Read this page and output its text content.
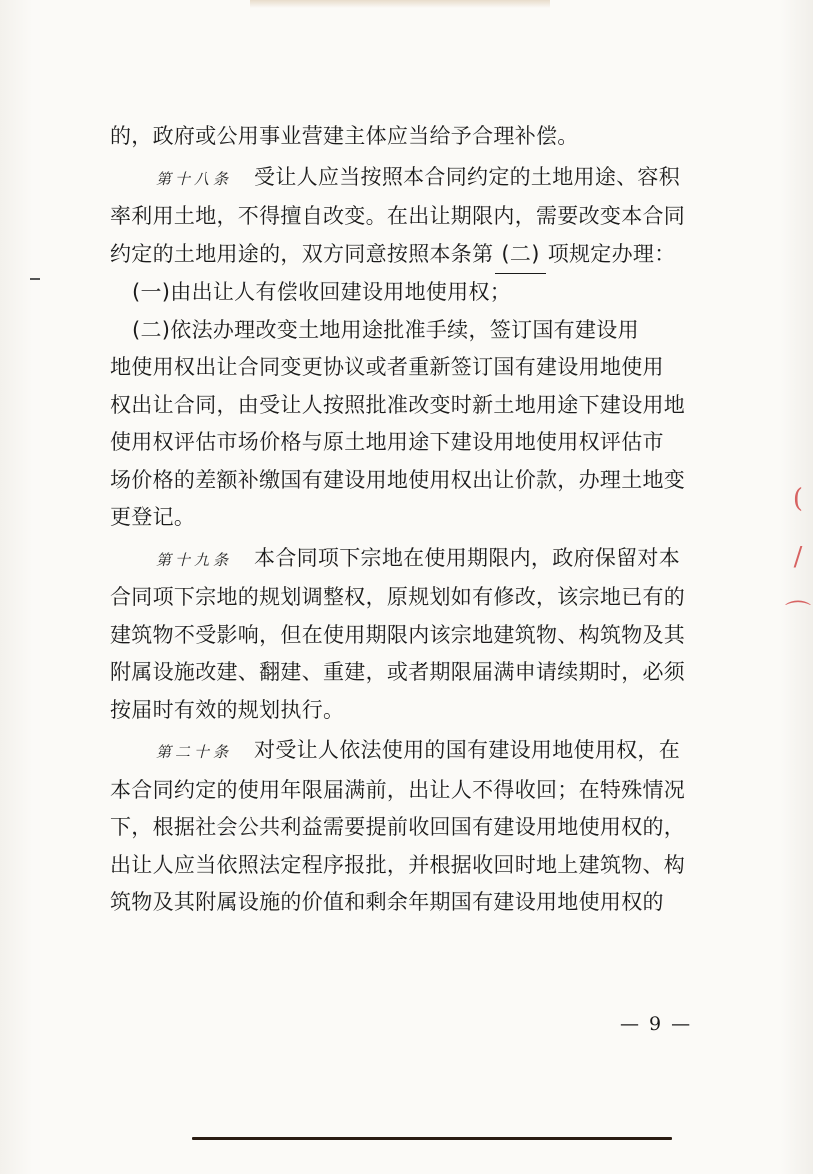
(
/
⌒
的，政府或公用事业营建主体应当给予合理补偿。
第十八条 受让人应当按照本合同约定的土地用途、容积
率利用土地，不得擅自改变。在出让期限内，需要改变本合同
约定的土地用途的，双方同意按照本条第 (二) 项规定办理：
(一)由出让人有偿收回建设用地使用权；
(二)依法办理改变土地用途批准手续，签订国有建设用
地使用权出让合同变更协议或者重新签订国有建设用地使用
权出让合同，由受让人按照批准改变时新土地用途下建设用地
使用权评估市场价格与原土地用途下建设用地使用权评估市
场价格的差额补缴国有建设用地使用权出让价款，办理土地变
更登记。
第十九条 本合同项下宗地在使用期限内，政府保留对本
合同项下宗地的规划调整权，原规划如有修改，该宗地已有的
建筑物不受影响，但在使用期限内该宗地建筑物、构筑物及其
附属设施改建、翻建、重建，或者期限届满申请续期时，必须
按届时有效的规划执行。
第二十条 对受让人依法使用的国有建设用地使用权，在
本合同约定的使用年限届满前，出让人不得收回；在特殊情况
下，根据社会公共利益需要提前收回国有建设用地使用权的，
出让人应当依照法定程序报批，并根据收回时地上建筑物、构
筑物及其附属设施的价值和剩余年期国有建设用地使用权的
— 9 —
